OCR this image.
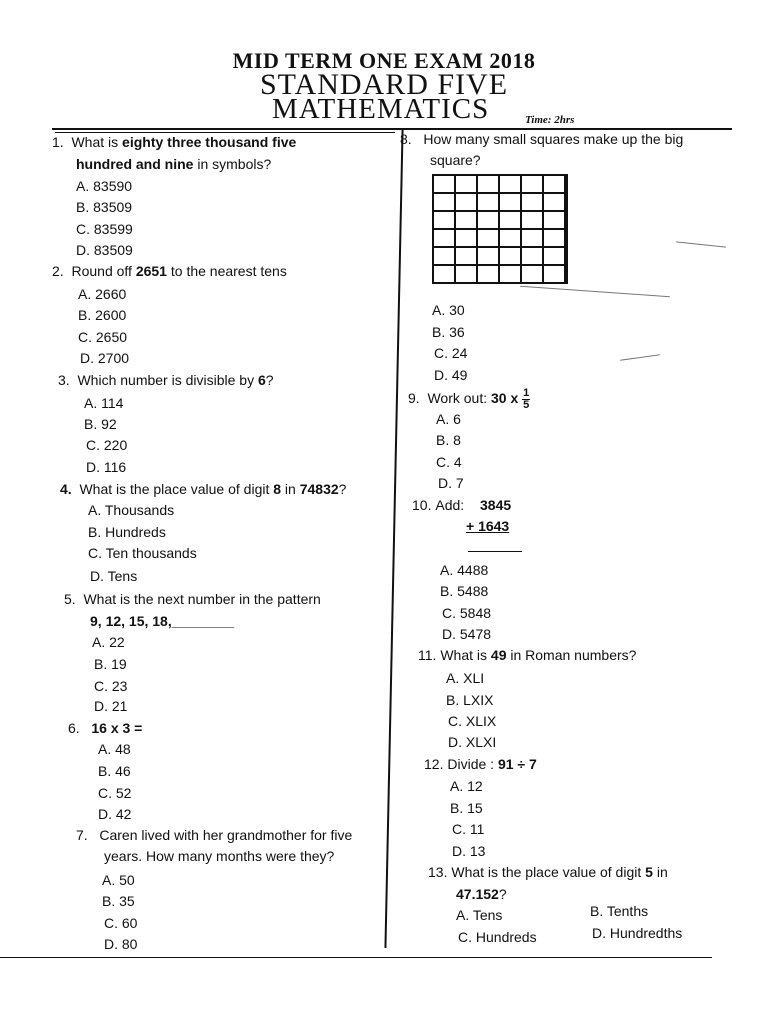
MID TERM ONE EXAM 2018
STANDARD FIVE
MATHEMATICS	Time: 2hrs
1. What is eighty three thousand five
hundred and nine in symbols?
A. 83590
B. 83509
C. 83599
D. 83509
2. Round off 2651 to the nearest tens
A. 2660
B. 2600
C. 2650
D. 2700
3. Which number is divisible by 6?
A. 114
B. 92
C. 220
D. 116
4. What is the place value of digit 8 in 74832?
A. Thousands
B. Hundreds
C. Ten thousands
D. Tens
5. What is the next number in the pattern
9, 12, 15, 18,________
A. 22
B. 19
C. 23
D. 21
6. 16 x 3 =
A. 48
B. 46
C. 52
D. 42
7. Caren lived with her grandmother for five
years. How many months were they?
A. 50
B. 35
C. 60
D. 80
8. How many small squares make up the big
square?
A. 30
B. 36
C. 24
D. 49
9. Work out: 30 x $\frac{1}{5}$
A. 6
B. 8
C. 4
D. 7
10. Add: 3845
+ 1643
A. 4488
B. 5488
C. 5848
D. 5478
11. What is 49 in Roman numbers?
A. XLI
B. LXIX
C. XLIX
D. XLXI
12. Divide : 91 ÷ 7
A. 12
B. 15
C. 11
D. 13
13. What is the place value of digit 5 in
47.152?
A. Tens	B. Tenths
C. Hundreds	D. Hundredths
